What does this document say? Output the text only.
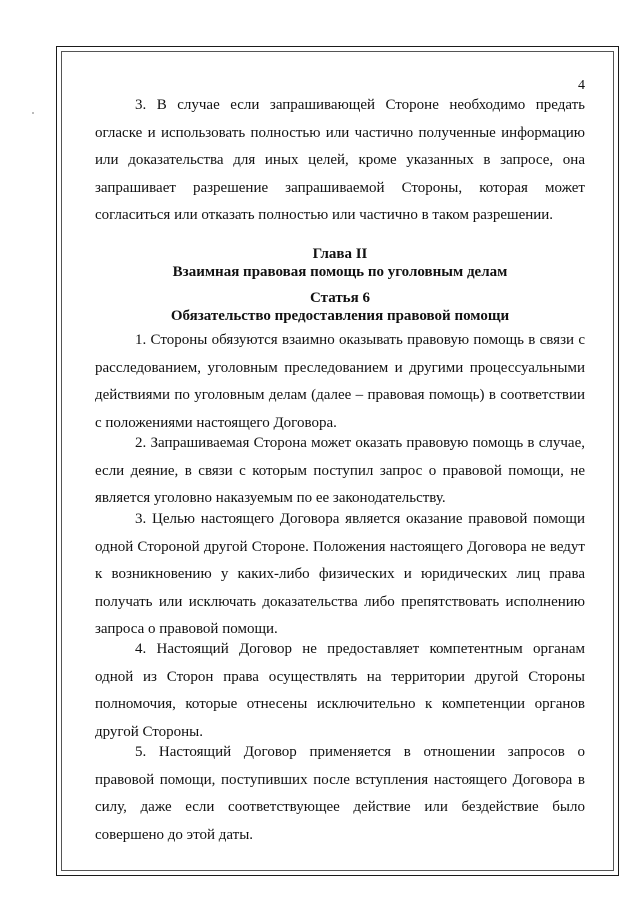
4

3. В случае если запрашивающей Стороне необходимо предать огласке и использовать полностью или частично полученные информацию или доказательства для иных целей, кроме указанных в запросе, она запрашивает разрешение запрашиваемой Стороны, которая может согласиться или отказать полностью или частично в таком разрешении.

Глава II
Взаимная правовая помощь по уголовным делам
Статья 6
Обязательство предоставления правовой помощи

1. Стороны обязуются взаимно оказывать правовую помощь в связи с расследованием, уголовным преследованием и другими процессуальными действиями по уголовным делам (далее – правовая помощь) в соответствии с положениями настоящего Договора.

2. Запрашиваемая Сторона может оказать правовую помощь в случае, если деяние, в связи с которым поступил запрос о правовой помощи, не является уголовно наказуемым по ее законодательству.

3. Целью настоящего Договора является оказание правовой помощи одной Стороной другой Стороне. Положения настоящего Договора не ведут к возникновению у каких-либо физических и юридических лиц права получать или исключать доказательства либо препятствовать исполнению запроса о правовой помощи.

4. Настоящий Договор не предоставляет компетентным органам одной из Сторон права осуществлять на территории другой Стороны полномочия, которые отнесены исключительно к компетенции органов другой Стороны.

5. Настоящий Договор применяется в отношении запросов о правовой помощи, поступивших после вступления настоящего Договора в силу, даже если соответствующее действие или бездействие было совершено до этой даты.
